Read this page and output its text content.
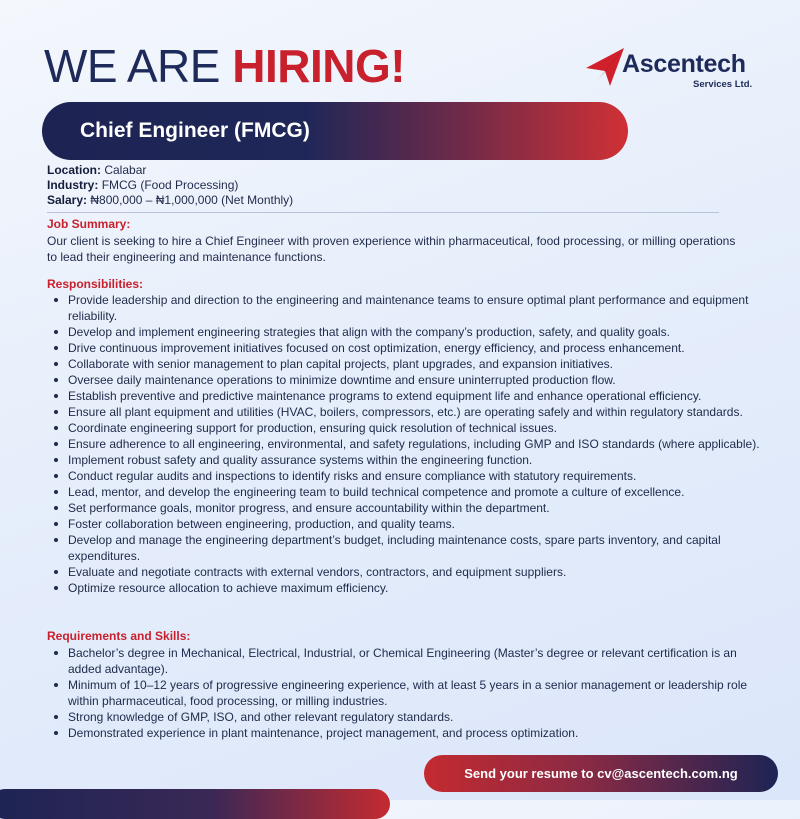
WE ARE HIRING!	Ascentech
Services Ltd.
Chief Engineer (FMCG)
Location: Calabar
Industry: FMCG (Food Processing)
Salary: ₦800,000 – ₦1,000,000 (Net Monthly)
Job Summary:

Our client is seeking to hire a Chief Engineer with proven experience within pharmaceutical, food processing, or milling operations to lead their engineering and maintenance functions.

Responsibilities:
Provide leadership and direction to the engineering and maintenance teams to ensure optimal plant performance and equipment reliability.
Develop and implement engineering strategies that align with the company’s production, safety, and quality goals.
Drive continuous improvement initiatives focused on cost optimization, energy efficiency, and process enhancement.
Collaborate with senior management to plan capital projects, plant upgrades, and expansion initiatives.
Oversee daily maintenance operations to minimize downtime and ensure uninterrupted production flow.
Establish preventive and predictive maintenance programs to extend equipment life and enhance operational efficiency.
Ensure all plant equipment and utilities (HVAC, boilers, compressors, etc.) are operating safely and within regulatory standards.
Coordinate engineering support for production, ensuring quick resolution of technical issues.
Ensure adherence to all engineering, environmental, and safety regulations, including GMP and ISO standards (where applicable).
Implement robust safety and quality assurance systems within the engineering function.
Conduct regular audits and inspections to identify risks and ensure compliance with statutory requirements.
Lead, mentor, and develop the engineering team to build technical competence and promote a culture of excellence.
Set performance goals, monitor progress, and ensure accountability within the department.
Foster collaboration between engineering, production, and quality teams.
Develop and manage the engineering department’s budget, including maintenance costs, spare parts inventory, and capital expenditures.
Evaluate and negotiate contracts with external vendors, contractors, and equipment suppliers.
Optimize resource allocation to achieve maximum efficiency.
Requirements and Skills:
Bachelor’s degree in Mechanical, Electrical, Industrial, or Chemical Engineering (Master’s degree or relevant certification is an added advantage).
Minimum of 10–12 years of progressive engineering experience, with at least 5 years in a senior management or leadership role within pharmaceutical, food processing, or milling industries.
Strong knowledge of GMP, ISO, and other relevant regulatory standards.
Demonstrated experience in plant maintenance, project management, and process optimization.
Send your resume to cv@ascentech.com.ng
